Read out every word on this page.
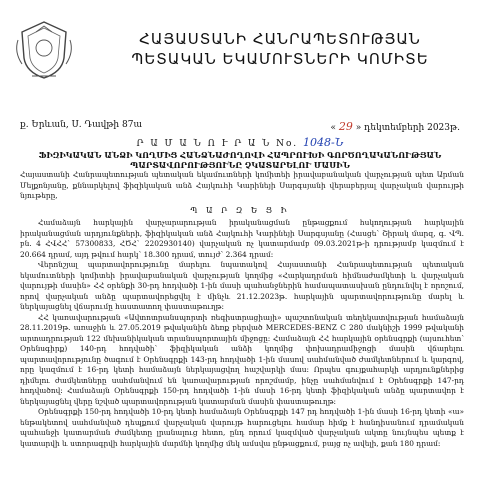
ՀԱՅԱՍՏԱՆԻ ՀԱՆՐԱՊԵՏՈՒԹՅԱՆ
ՊԵՏԱԿԱՆ ԵԿԱՄՈՒՏՆԵՐԻ ԿՈՄԻՏԵ
ք. Երևան, Ս. Դավթի 87ա	« 29 » դեկտեմբերի 2023թ.
Ր Ա Մ Ա Ն Ո Ւ Ր Ա Ն No. 1048-Ն
ՖԻԶԻԿԱԿԱՆ ԱՆՁԻ ԿՈՂՄԻՑ ՀԱՆՁՆԱԺՈՂՈՎԻ ՀԱՊՐՈՒԽԻ ԳՈՐԾՈՂԱԿԱՆՈՒԹՅԱՆ
ՊԱՐՏԱՎՈՐՈՒԹՅՈՒՆԸ ՉԿԱՏԱՐԵԼՈՒ ՄԱՍԻՆ
Հայաստանի Հանրապետության պետական եկամուտների կոմիտեի իրավաբանական վարչության պետ Արման Մելքոնյանը, քննարկելով ֆիզիկական անձ Հայկուհի Կարինեյի Սարգսյանի վերաբերյալ վարչական վարույթի նյութերը,
Պ Ա Ր Զ Ե Ց Ի

Համաձայն հարկային վարչարարության իրականացման ընթացքում հսկողության հարկային իրականացման արդյունքների, ֆիզիկական անձ Հայկուհի Կարինեյի Սարգսյանը (Հասցե՝ Շիրակ մարզ, գ. ՎՊ. բն. 4 ՀՎՀՀ` 57300833, ՀԾՀ` 2202930140) վարչական ոչ կատարմամբ 09.03.2021թ-ի դրությամբ կազմում է 20.664 դրամ, այդ թվում հարկ՝ 18.300 դրամ, տույժ՝ 2.364 դրամ:

Վերոնշյալ պարտավորությունը մարելու նպատակով Հայաստանի Հանրապետության պետական եկամուտների կոմիտեի իրավաբանական վարչության կողմից «Հարկադրման հիմնաժամկետի և վարչական վարույթի մասին» ՀՀ օրենքի 30-րդ հոդվածի 1-ին մասի պահանջներին համապատասխան ընդունվել է որոշում, որով վարչական անձը պարտավորեցվել է մինչև 21.12.2023թ. հարկային պարտավորությունը մարել և ներկայացնել վճարումը հաստատող փաստաթուղթ:

ՀՀ կառավարության «Ավտոտրանսպորտի ռեգիստրացիայի» պաշտոնական տեղեկատվության համաձայն 28.11.2019թ. առաջին և 27.05.2019 թվականին ձեռք բերված MERCEDES-BENZ C 280 մակնիշի 1999 թվականի արտադրության 122 մեխանիկական տրանսպորտային միջոցը: Համաձայն ՀՀ հարկային օրենսգրքի (այսուհետ՝ Օրենսգիրք) 140-րդ հոդվածի՝ ֆիզիկական անձի կողմից փոխադրամիջոցի մասին վճարելու պարտավորությունը ծագում է Օրենսգրքի 143-րդ հոդվածի 1-ին մասով սահմանված ժամկետներում և կարգով, որը կազմում է 16-րդ կետի համաձայն ներկայացվող հաշվարկի մաս: Որպես գույքահարկի արդյունքներից դիմելու ժամկետները սահմանվում են կառավարության որոշմամբ, ինչը սահմանվում է Օրենսգրքի 147-րդ հոդվածով: Համաձայն Օրենսգրքի 150-րդ հոդվածի 1-ին մասի 16-րդ կետի ֆիզիկական անձը պարտավոր է ներկայացնել վերը նշված պարտավորության կատարման մասին փաստաթուղթ:

Օրենսգրքի 150-րդ հոդվածի 10-րդ կետի համաձայն Օրենսգրքի 147 րդ հոդվածի 1-ին մասի 16-րդ կետի «ա» ենթակետով սահմանված դեպքում վարչական վարույթ հարուցելու համար հիմք է հանդիսանում դրամական պահանջի կատարման ժամկետը լրանալուց հետո, ընդ որում կազմված վարչական ակտը նույնպես պետք է կատարվի և ստորագրվի հարկային մարմնի կողմից մեկ ամսվա ընթացքում, բայց ոչ ավելի, քան 180 դրամ:
